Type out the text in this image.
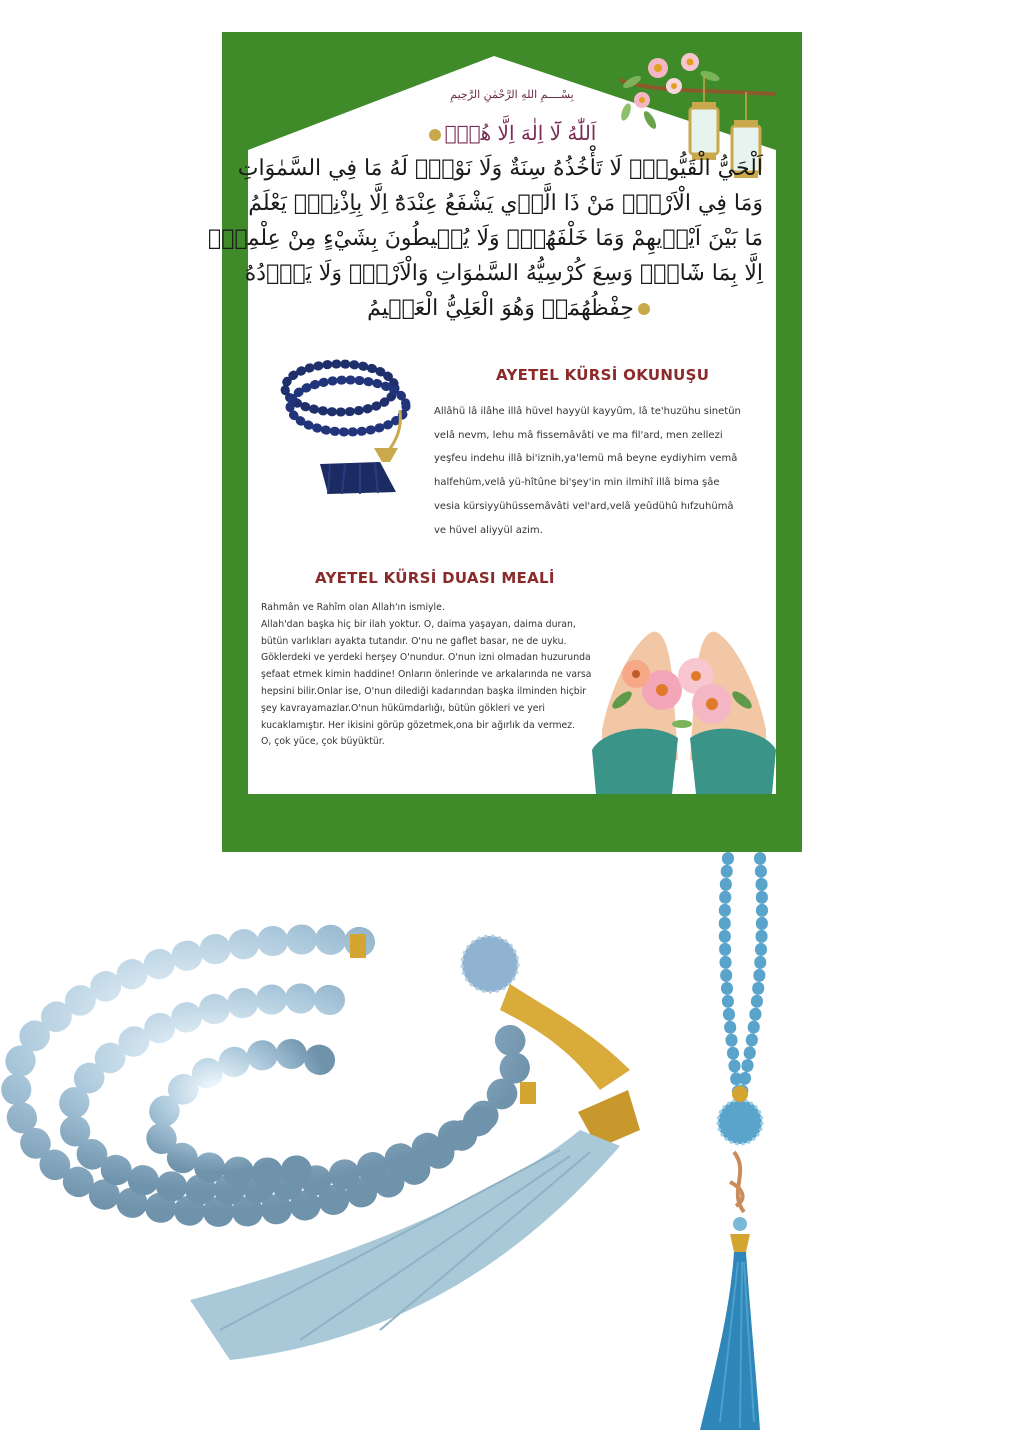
بِسْــــمِ اللهِ الرَّحْمٰنِ الرَّحِيمِ
اَللّٰهُ لَٓا اِلٰهَ اِلَّا هُوَۚ
اَلْحَيُّ الْقَيُّومُۚ لَا تَأْخُذُهُ سِنَةٌ وَلَا نَوْمٌۜ لَهُ مَا فِي السَّمٰوَاتِ
وَمَا فِي الْاَرْضِۜ مَنْ ذَا الَّذ۪ي يَشْفَعُ عِنْدَهُٓ اِلَّا بِاِذْنِه۪ۜ يَعْلَمُ
مَا بَيْنَ اَيْد۪يهِمْ وَمَا خَلْفَهُمْۚ وَلَا يُح۪يطُونَ بِشَيْءٍ مِنْ عِلْمِه۪ٓ
اِلَّا بِمَا شَٓاءَۚ وَسِعَ كُرْسِيُّهُ السَّمٰوَاتِ وَالْاَرْضَۚ وَلَا يَؤُ۫دُهُ
حِفْظُهُمَاۚ وَهُوَ الْعَلِيُّ الْعَظ۪يمُ
AYETEL KÜRSİ OKUNUŞU
Allâhü lâ ilâhe illâ hüvel hayyül kayyûm, lâ te'huzühu sinetün
velâ nevm, lehu mâ fissemâvâti ve ma fil'ard, men zellezi
yeşfeu indehu illâ bi'iznih,ya'lemü mâ beyne eydiyhim vemâ
halfehüm,velâ yü-hîtûne bi'şey'in min ilmihî illâ bima şâe
vesia kürsiyyühüssemâvâti vel'ard,velâ yeûdühû hıfzuhümâ
ve hüvel aliyyül azim.
AYETEL KÜRSİ DUASI MEALİ
Rahmân ve Rahîm olan Allah'ın ismiyle.
Allah'dan başka hiç bir ilah yoktur. O, daima yaşayan, daima duran,
bütün varlıkları ayakta tutandır. O'nu ne gaflet basar, ne de uyku.
Göklerdeki ve yerdeki herşey O'nundur. O'nun izni olmadan huzurunda
şefaat etmek kimin haddine! Onların önlerinde ve arkalarında ne varsa
hepsini bilir.Onlar ise, O'nun dilediği kadarından başka ilminden hiçbir
şey kavrayamazlar.O'nun hükümdarlığı, bütün gökleri ve yeri
kucaklamıştır. Her ikisini görüp gözetmek,ona bir ağırlık da vermez.
O, çok yüce, çok büyüktür.
